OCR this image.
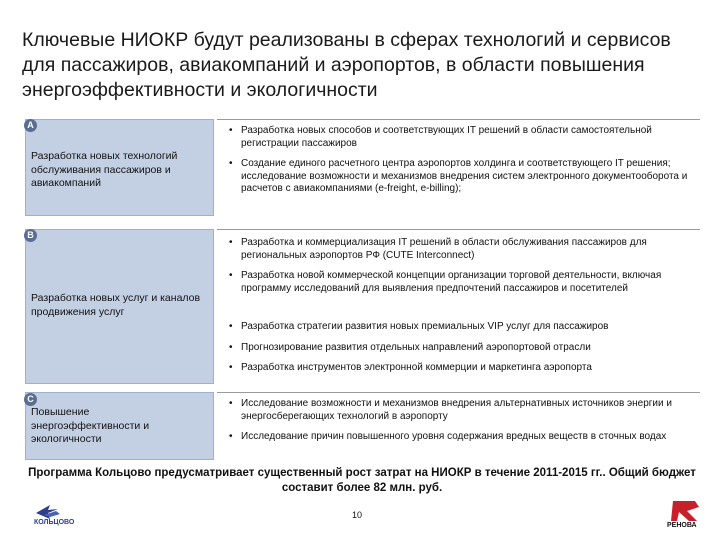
Ключевые НИОКР будут реализованы в сферах технологий и сервисов для пассажиров, авиакомпаний и аэропортов, в области повышения энергоэффективности и экологичности
A
Разработка новых технологий обслуживания пассажиров и авиакомпаний
• Разработка новых способов и соответствующих IT решений в области самостоятельной регистрации пассажиров
• Создание единого расчетного центра аэропортов холдинга и соответствующего IT решения; исследование возможности и механизмов внедрения систем электронного документооборота и расчетов с авиакомпаниями (e-freight, e-billing);
B
Разработка новых услуг и каналов продвижения услуг
• Разработка и коммерциализация IT решений в области обслуживания пассажиров для региональных аэропортов РФ (CUTE Interconnect)
• Разработка новой коммерческой концепции организации торговой деятельности, включая программу исследований для выявления предпочтений пассажиров и посетителей
• Разработка стратегии развития новых премиальных VIP услуг для пассажиров
• Прогнозирование развития отдельных направлений аэропортовой отрасли
• Разработка инструментов электронной коммерции и маркетинга аэропорта
C
Повышение энергоэффективности и экологичности
• Исследование возможности и механизмов внедрения альтернативных источников энергии и энергосберегающих технологий в аэропорту
• Исследование причин повышенного уровня содержания вредных веществ в сточных водах
Программа Кольцово предусматривает существенный рост затрат на НИОКР в течение 2011-2015 гг.. Общий бюджет составит более 82 млн. руб.
10
КОЛЬЦОВО	РЕНОВА
